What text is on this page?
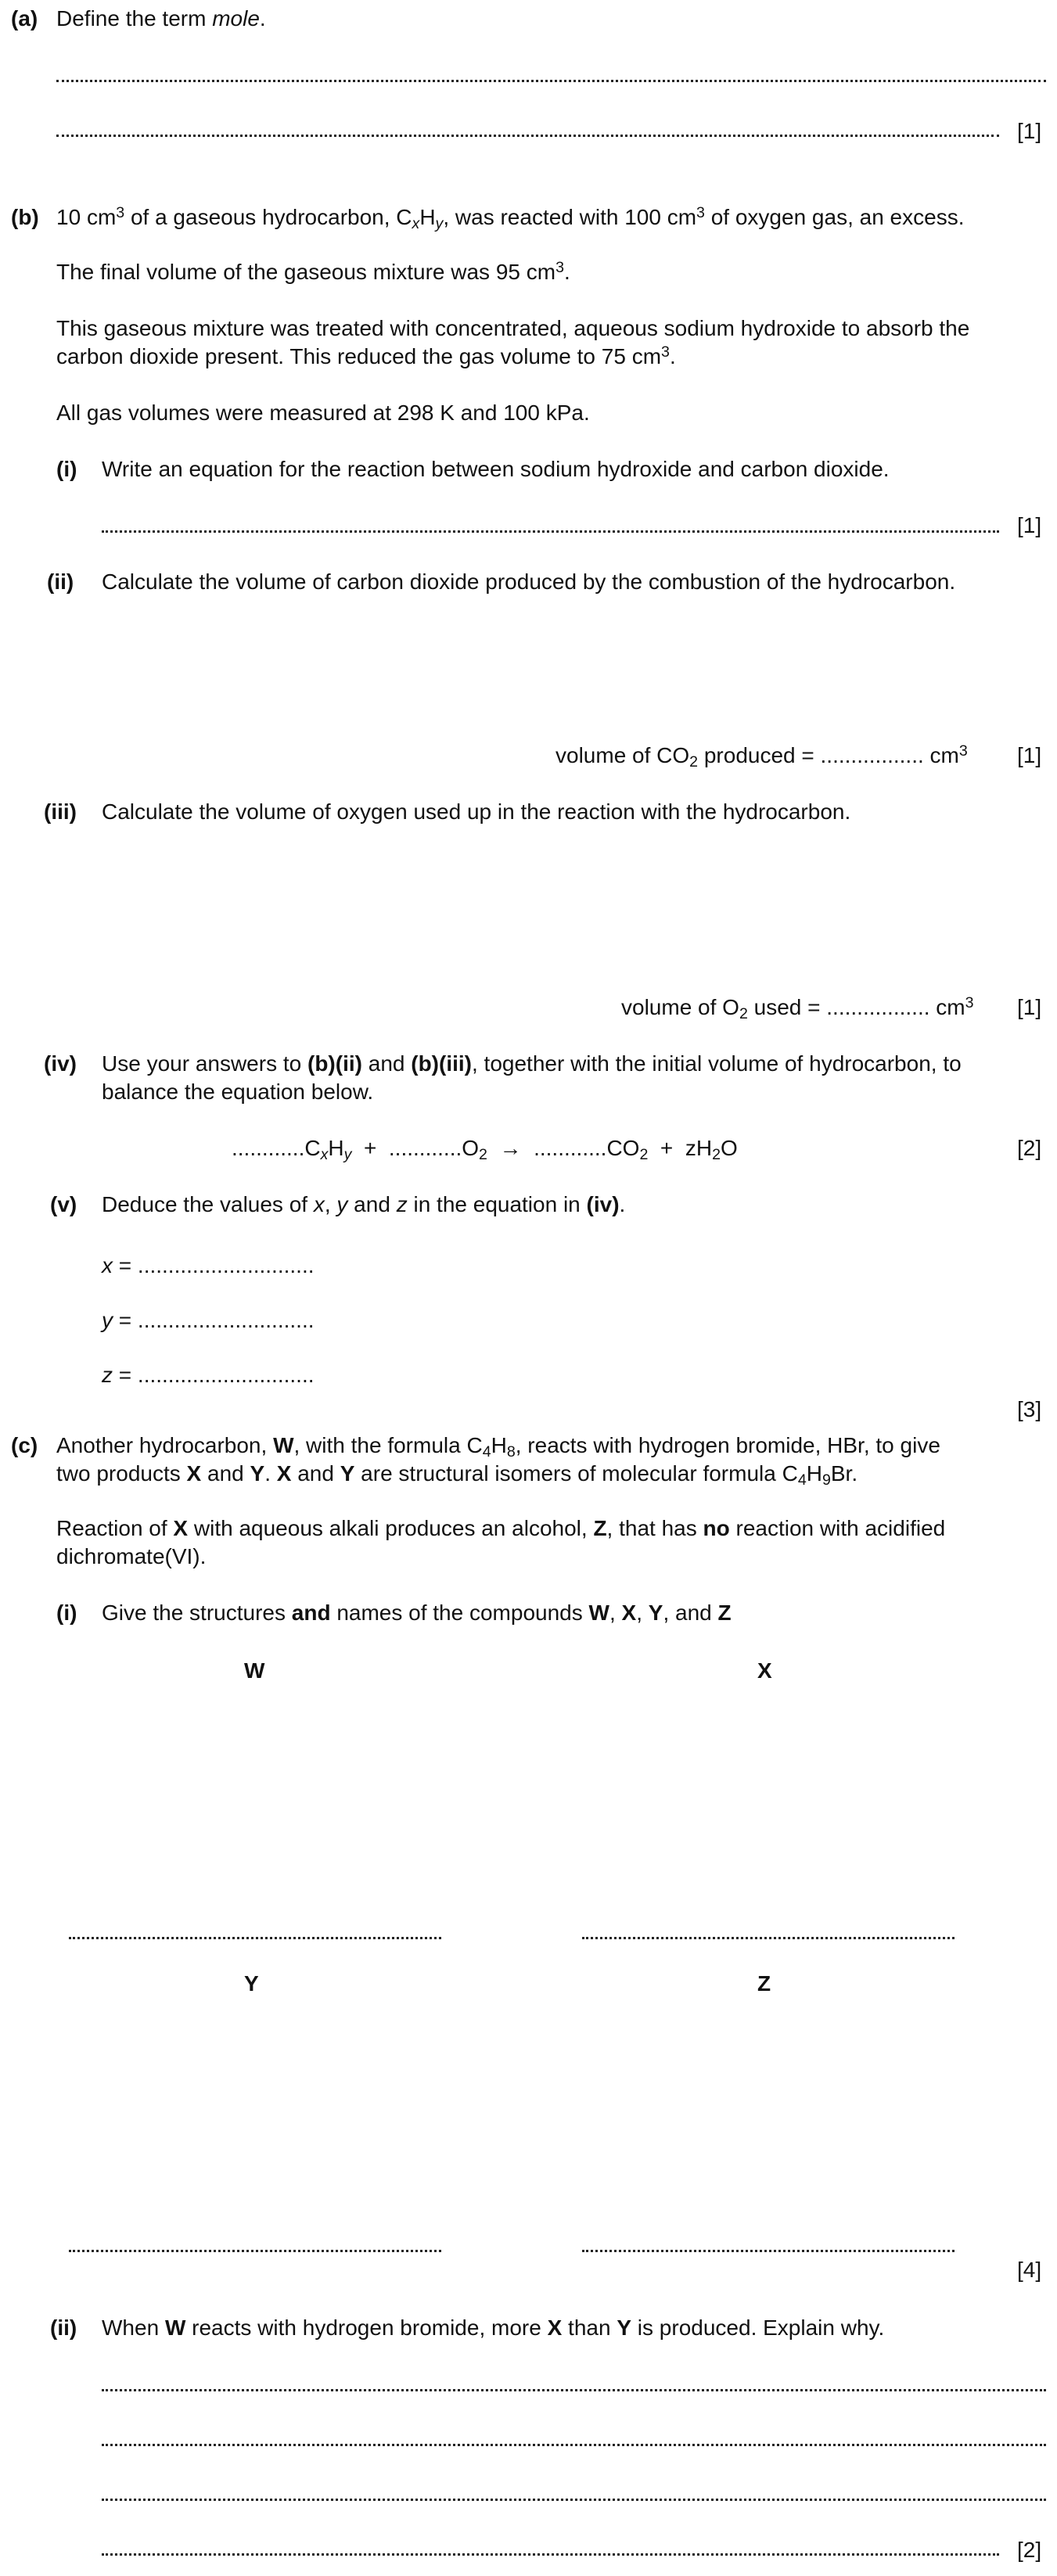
(a) Define the term mole.
[1]
(b) 10 $cm^3$ of a gaseous hydrocarbon, $C_xH_y$, was reacted with 100 $cm^3$ of oxygen gas, an excess.
The final volume of the gaseous mixture was 95 $cm^3$.
This gaseous mixture was treated with concentrated, aqueous sodium hydroxide to absorb the
carbon dioxide present. This reduced the gas volume to 75 $cm^3$.
All gas volumes were measured at 298 K and 100 kPa.
(i) Write an equation for the reaction between sodium hydroxide and carbon dioxide.
[1]
(ii) Calculate the volume of carbon dioxide produced by the combustion of the hydrocarbon.
volume of $CO_2$ produced = ................. $cm^3$ [1]
(iii) Calculate the volume of oxygen used up in the reaction with the hydrocarbon.
volume of $O_2$ used = ................. $cm^3$ [1]
(iv) Use your answers to (b)(ii) and (b)(iii), together with the initial volume of hydrocarbon, to
balance the equation below.
$............C_xH_y + ............O_2 \to ............CO_2 + zH_2O$	[2]
(v) Deduce the values of x, y and z in the equation in (iv).
x = .............................
y = .............................
z = .............................
[3]
(c) Another hydrocarbon, W, with the formula $C_4H_8$, reacts with hydrogen bromide, HBr, to give
two products X and Y. X and Y are structural isomers of molecular formula $C_4H_9Br$.
Reaction of X with aqueous alkali produces an alcohol, Z, that has no reaction with acidified
dichromate(VI).
(i) Give the structures and names of the compounds W, X, Y, and Z
W	X
Y	Z
[4]
(ii) When W reacts with hydrogen bromide, more X than Y is produced. Explain why.
[2]
